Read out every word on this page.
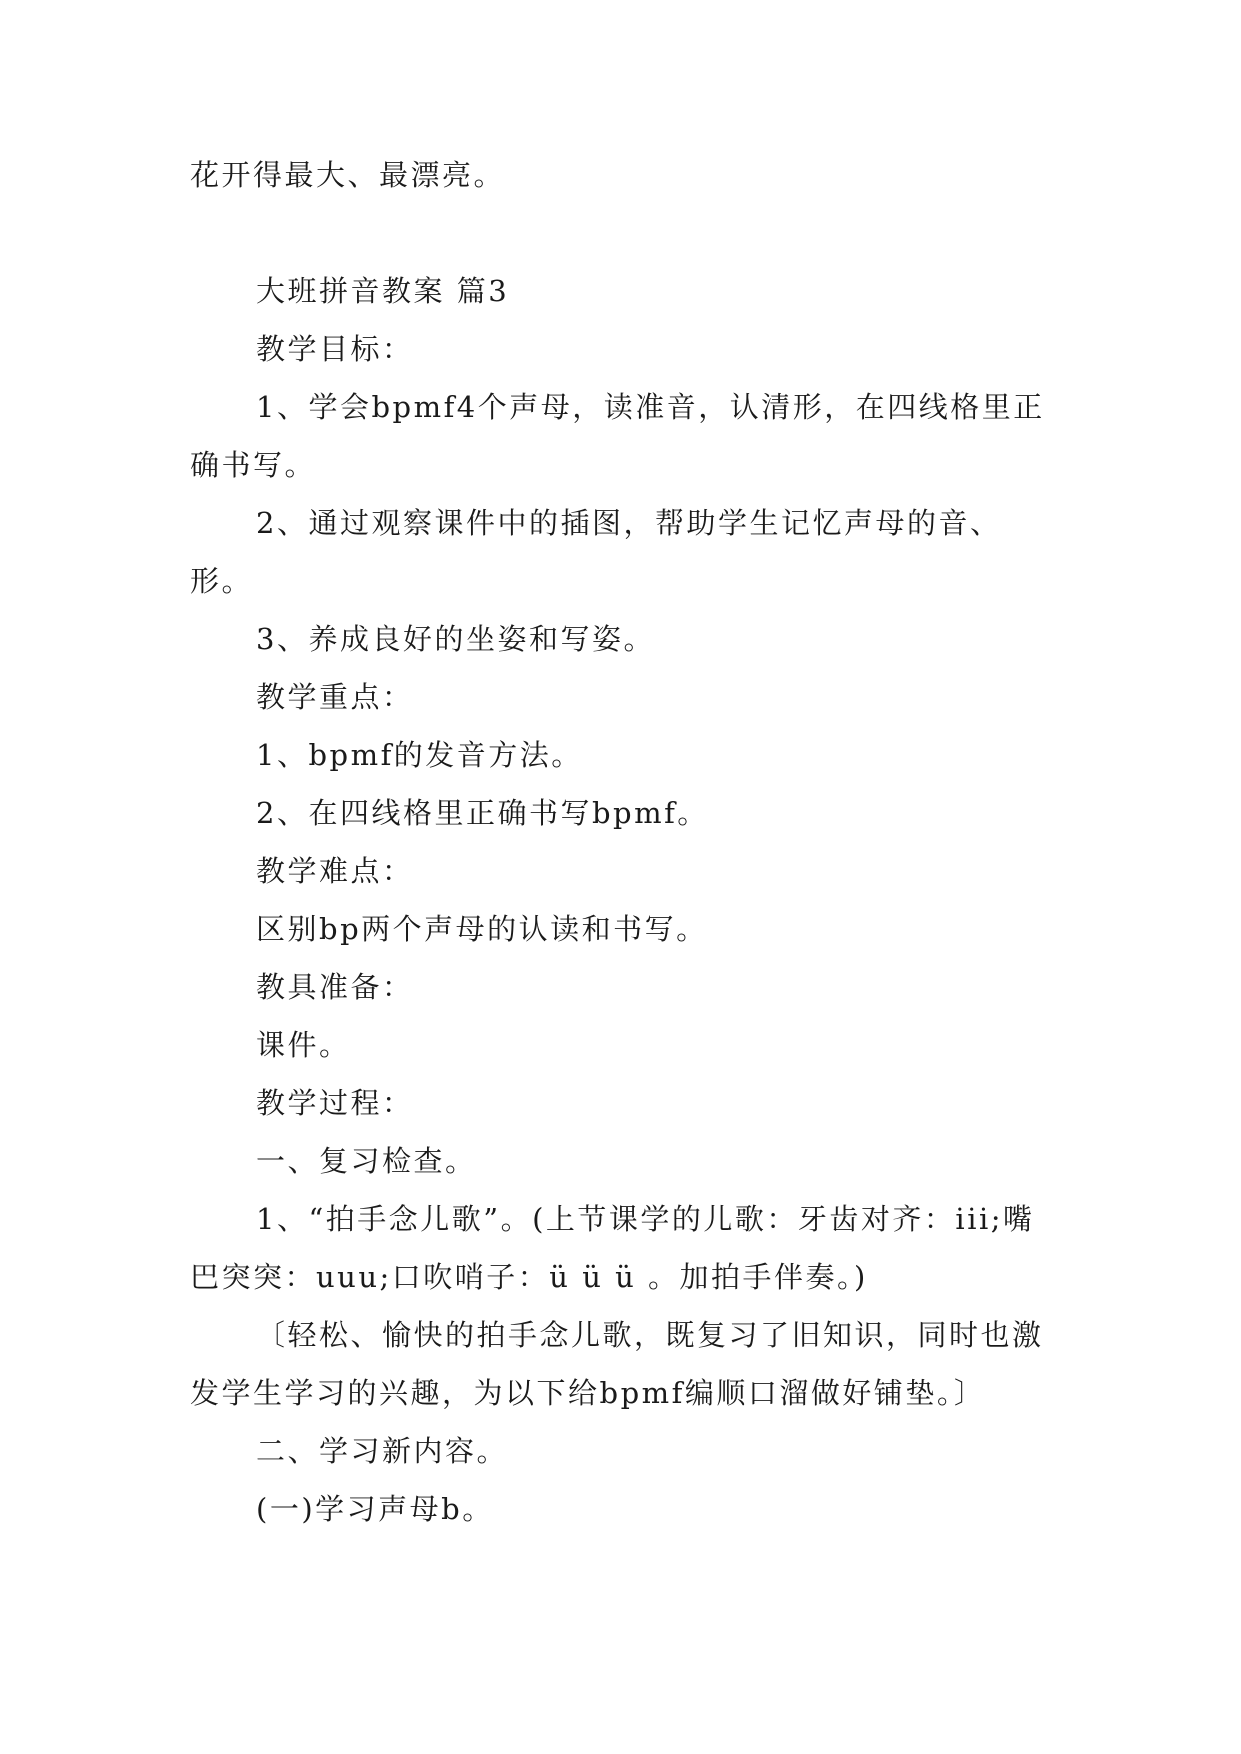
花开得最大、最漂亮。

大班拼音教案 篇3

教学目标：

1、学会bpmf4个声母，读准音，认清形，在四线格里正确书写。

2、通过观察课件中的插图，帮助学生记忆声母的音、形。

3、养成良好的坐姿和写姿。

教学重点：

1、bpmf的发音方法。

2、在四线格里正确书写bpmf。

教学难点：

区别bp两个声母的认读和书写。

教具准备：

课件。

教学过程：

一、复习检查。

1、“拍手念儿歌”。(上节课学的儿歌：牙齿对齐：iii;嘴巴突突：uuu;口吹哨子：ü ü ü 。加拍手伴奏。)

〔轻松、愉快的拍手念儿歌，既复习了旧知识，同时也激发学生学习的兴趣，为以下给bpmf编顺口溜做好铺垫。〕

二、学习新内容。

(一)学习声母b。
